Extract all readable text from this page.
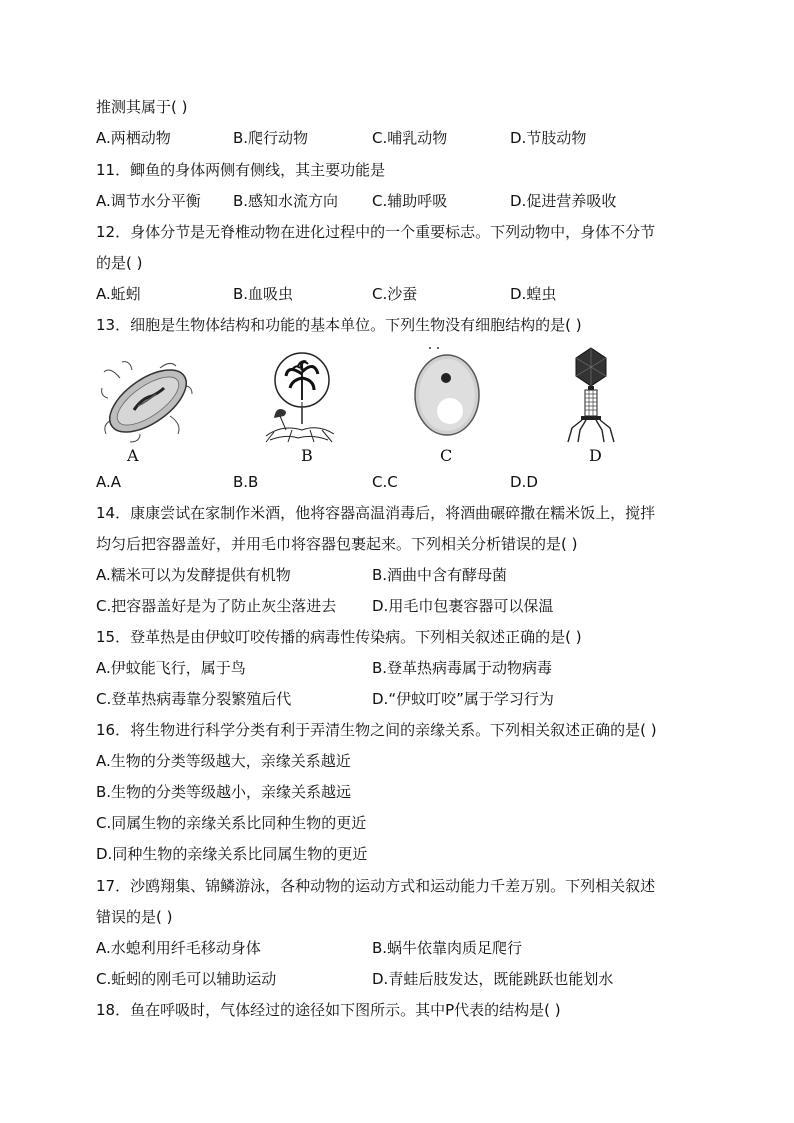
推测其属于( )
A.两栖动物	B.爬行动物	C.哺乳动物	D.节肢动物
11．鲫鱼的身体两侧有侧线，其主要功能是
A.调节水分平衡 B.感知水流方向 C.辅助呼吸	D.促进营养吸收
12．身体分节是无脊椎动物在进化过程中的一个重要标志。下列动物中，身体不分节
的是( )
A.蚯蚓	B.血吸虫	C.沙蚕	D.蝗虫
13．细胞是生物体结构和功能的基本单位。下列生物没有细胞结构的是( )
A	B	C	D
A.A	B.B	C.C	D.D
14．康康尝试在家制作米酒，他将容器高温消毒后，将酒曲碾碎撒在糯米饭上，搅拌
均匀后把容器盖好，并用毛巾将容器包裹起来。下列相关分析错误的是( )
A.糯米可以为发酵提供有机物	B.酒曲中含有酵母菌
C.把容器盖好是为了防止灰尘落进去 D.用毛巾包裹容器可以保温
15．登革热是由伊蚊叮咬传播的病毒性传染病。下列相关叙述正确的是( )
A.伊蚊能飞行，属于鸟	B.登革热病毒属于动物病毒
C.登革热病毒靠分裂繁殖后代	D.“伊蚊叮咬”属于学习行为
16．将生物进行科学分类有利于弄清生物之间的亲缘关系。下列相关叙述正确的是( )
A.生物的分类等级越大，亲缘关系越近
B.生物的分类等级越小，亲缘关系越远
C.同属生物的亲缘关系比同种生物的更近
D.同种生物的亲缘关系比同属生物的更近
17．沙鸥翔集、锦鳞游泳，各种动物的运动方式和运动能力千差万别。下列相关叙述
错误的是( )
A.水螅利用纤毛移动身体	B.蜗牛依靠肉质足爬行
C.蚯蚓的刚毛可以辅助运动	D.青蛙后肢发达，既能跳跃也能划水
18．鱼在呼吸时，气体经过的途径如下图所示。其中P代表的结构是( )
